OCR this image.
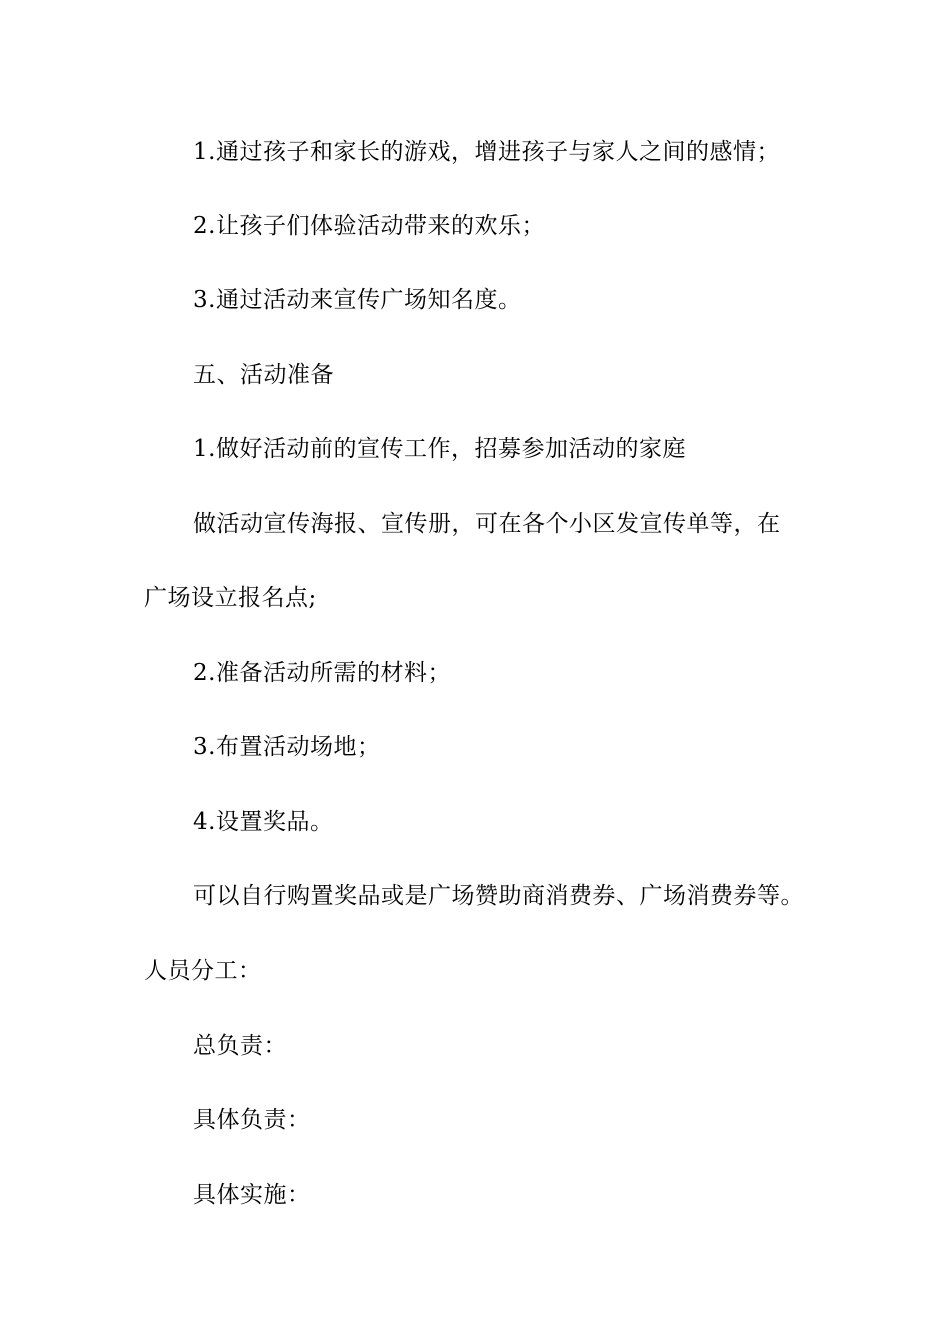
1.通过孩子和家长的游戏，增进孩子与家人之间的感情；
2.让孩子们体验活动带来的欢乐；
3.通过活动来宣传广场知名度。
五、活动准备
1.做好活动前的宣传工作，招募参加活动的家庭
做活动宣传海报、宣传册，可在各个小区发宣传单等，在
广场设立报名点;
2.准备活动所需的材料；
3.布置活动场地；
4.设置奖品。
可以自行购置奖品或是广场赞助商消费券、广场消费券等。
人员分工：
总负责：
具体负责：
具体实施：
